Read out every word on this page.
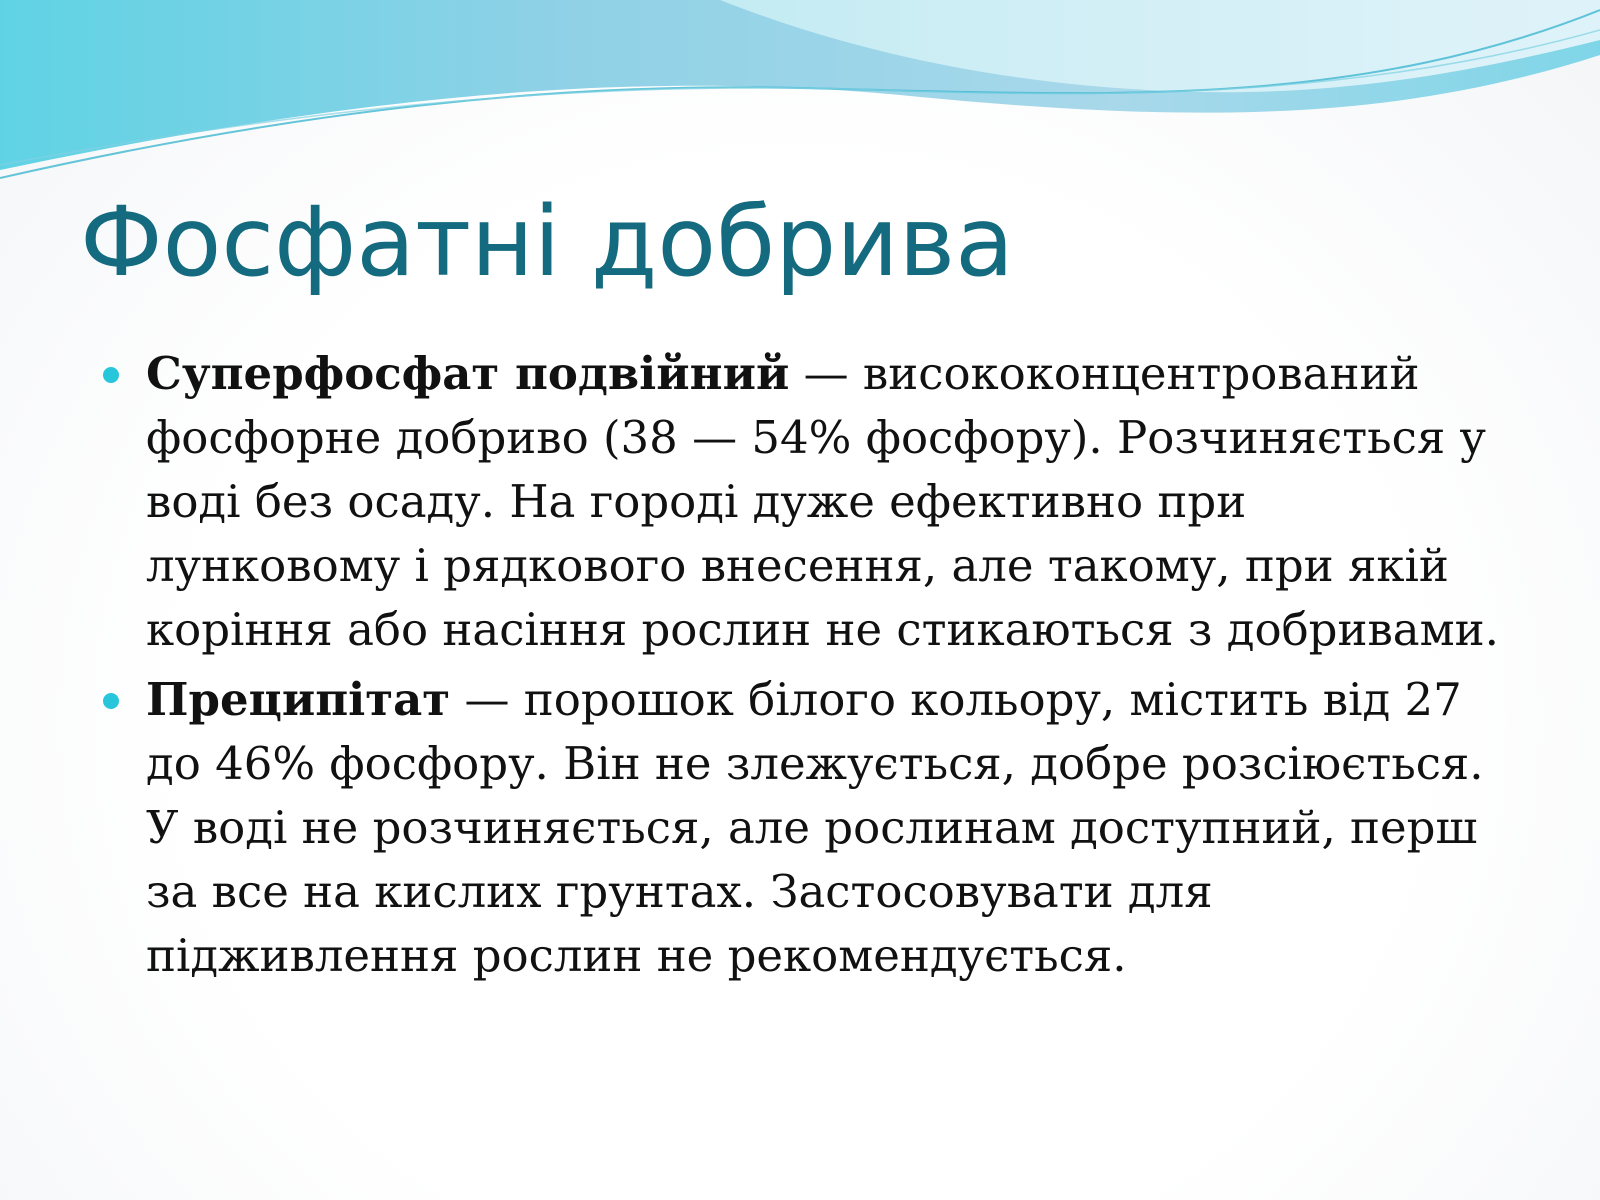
Фосфатні добрива
Суперфосфат подвійний — висококонцентрований фосфорне добриво (38 — 54% фосфору). Розчиняється у воді без осаду. На городі дуже ефективно при лунковому і рядкового внесення, але такому, при якій коріння або насіння рослин не стикаються з добривами.
Преципітат — порошок білого кольору, містить від 27 до 46% фосфору. Він не злежується, добре розсіюється. У воді не розчиняється, але рослинам доступний, перш за все на кислих грунтах. Застосовувати для підживлення рослин не рекомендується.
